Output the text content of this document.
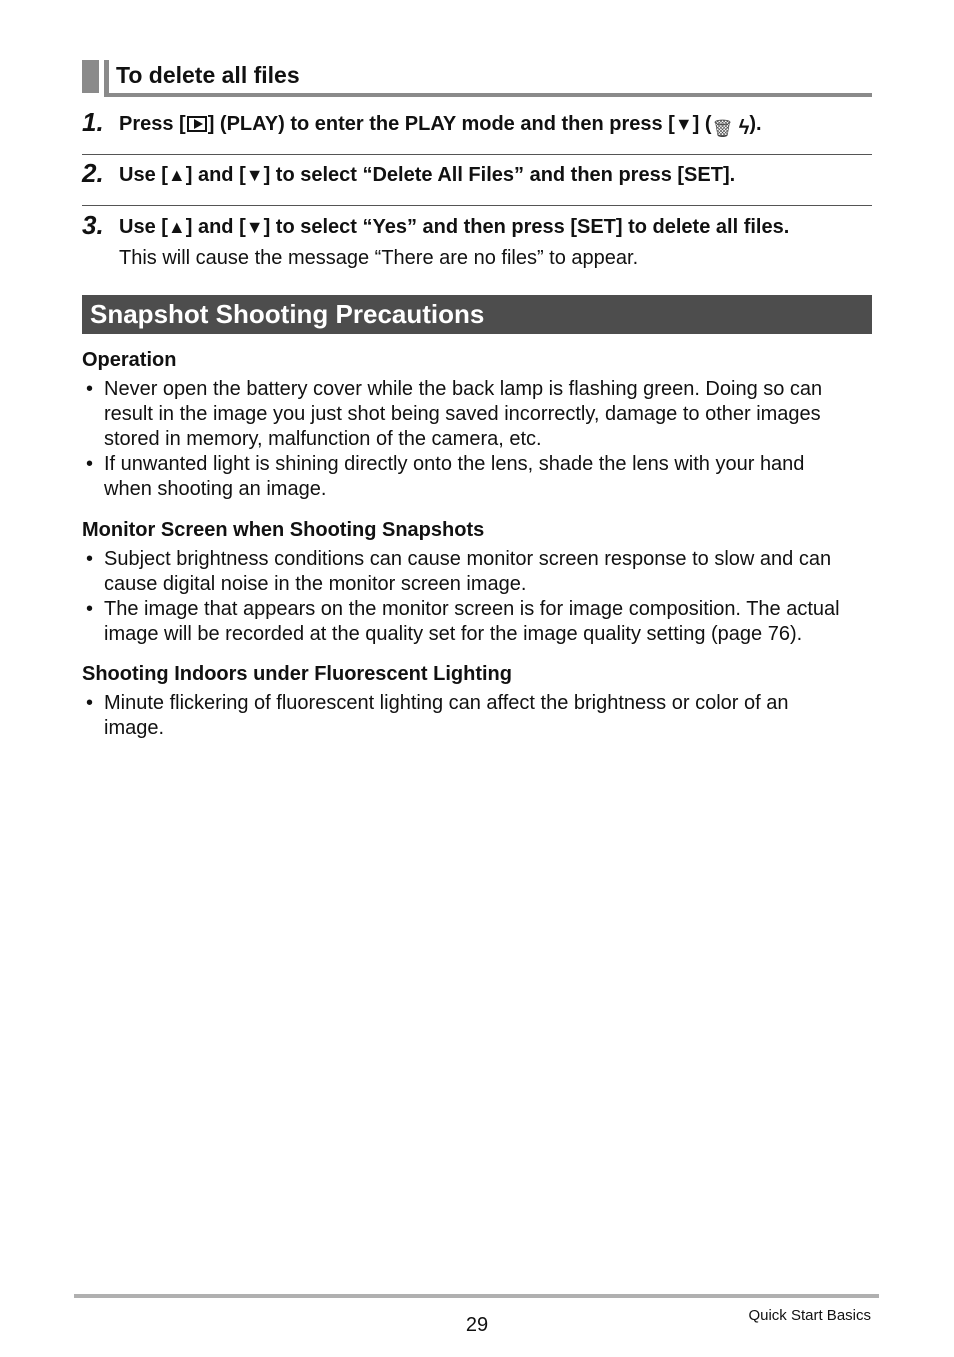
To delete all files
1. Press [ ] (PLAY) to enter the PLAY mode and then press [▼] (🗑 ϟ).
2. Use [▲] and [▼] to select “Delete All Files” and then press [SET].
3. Use [▲] and [▼] to select “Yes” and then press [SET] to delete all files.
This will cause the message “There are no files” to appear.
Snapshot Shooting Precautions
Operation
• Never open the battery cover while the back lamp is flashing green. Doing so can
result in the image you just shot being saved incorrectly, damage to other images
stored in memory, malfunction of the camera, etc.
• If unwanted light is shining directly onto the lens, shade the lens with your hand
when shooting an image.
Monitor Screen when Shooting Snapshots
• Subject brightness conditions can cause monitor screen response to slow and can
cause digital noise in the monitor screen image.
• The image that appears on the monitor screen is for image composition. The actual
image will be recorded at the quality set for the image quality setting (page 76).
Shooting Indoors under Fluorescent Lighting
• Minute flickering of fluorescent lighting can affect the brightness or color of an
image.
29	Quick Start Basics
